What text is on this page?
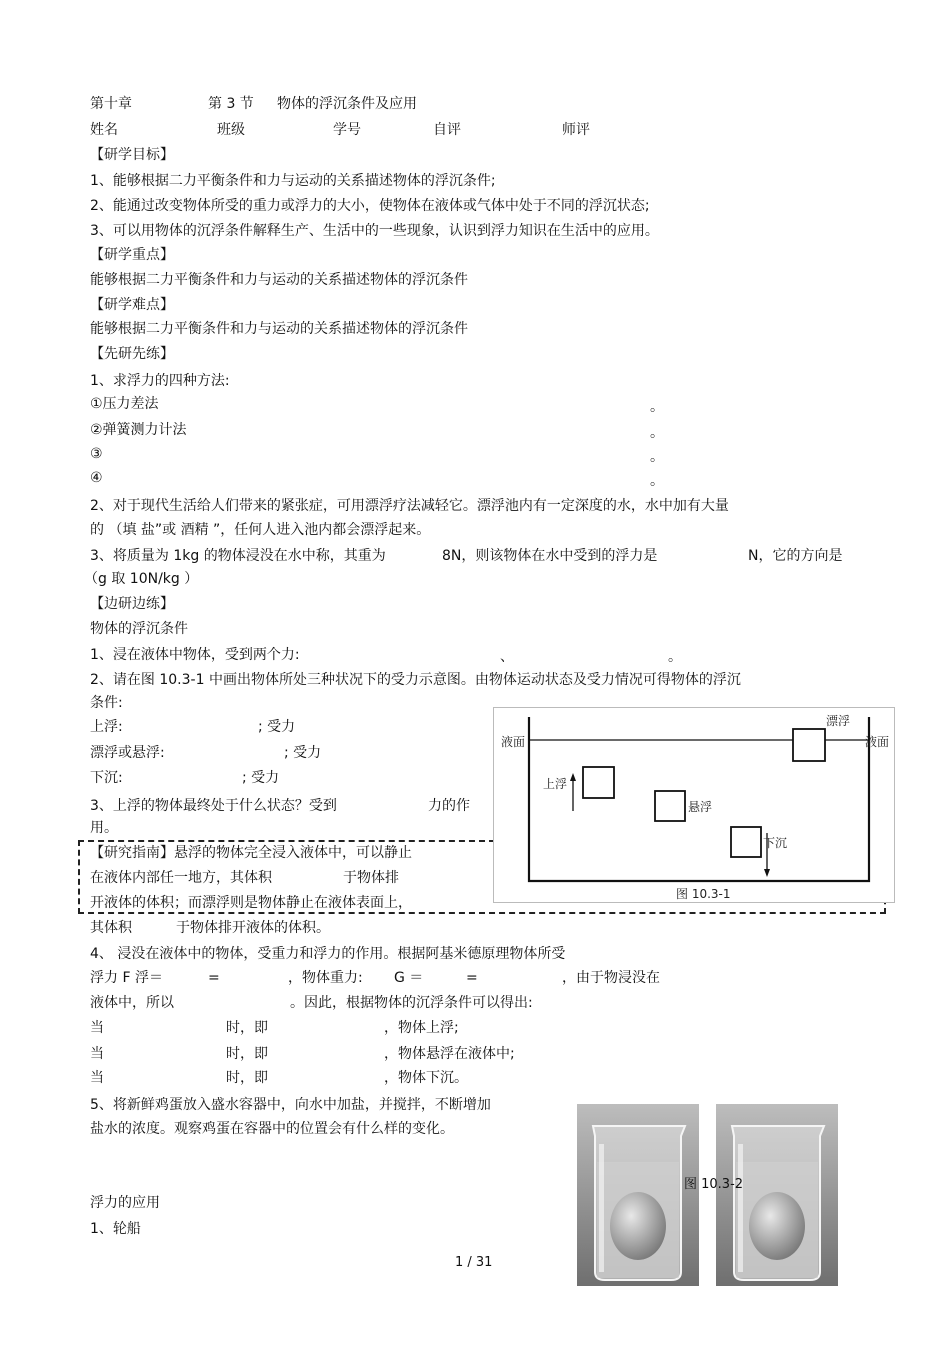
第十章	第 3 节 物体的浮沉条件及应用
姓名	班级	学号	自评	师评
【研学目标】
1、能够根据二力平衡条件和力与运动的关系描述物体的浮沉条件;
2、能通过改变物体所受的重力或浮力的大小，使物体在液体或气体中处于不同的浮沉状态;
3、可以用物体的沉浮条件解释生产、生活中的一些现象，认识到浮力知识在生活中的应用。
【研学重点】
能够根据二力平衡条件和力与运动的关系描述物体的浮沉条件
【研学难点】
能够根据二力平衡条件和力与运动的关系描述物体的浮沉条件
【先研先练】
1、求浮力的四种方法:
①压力差法	。
②弹簧测力计法	。
③	。
④	。
2、对于现代生活给人们带来的紧张症，可用漂浮疗法减轻它。漂浮池内有一定深度的水，水中加有大量
的 （填 盐”或 酒精 ”，任何人进入池内都会漂浮起来。
3、将质量为 1kg 的物体浸没在水中称，其重为	8N，则该物体在水中受到的浮力是	N，它的方向是
（g 取 10N/kg ）
【边研边练】
物体的浮沉条件
1、浸在液体中物体，受到两个力:	、	。
2、请在图 10.3-1 中画出物体所处三种状况下的受力示意图。由物体运动状态及受力情况可得物体的浮沉
条件:
上浮:	; 受力
漂浮或悬浮:	; 受力
下沉:	; 受力
3、上浮的物体最终处于什么状态？受到	力的作
用。
【研究指南】悬浮的物体完全浸入液体中，可以静止
在液体内部任一地方，其体积	于物体排
开液体的体积；而漂浮则是物体静止在液体表面上，
其体积	于物体排开液体的体积。
液面	液面
漂浮
上浮
悬浮
下沉
图 10.3-1
4、 浸没在液体中的物体，受重力和浮力的作用。根据阿基米德原理物体所受
浮力 F 浮＝	=	，物体重力: G ＝	=	，由于物浸没在
液体中，所以	。因此，根据物体的沉浮条件可以得出:
当	时，即	，物体上浮;
当	时，即	，物体悬浮在液体中;
当	时，即	，物体下沉。
5、将新鲜鸡蛋放入盛水容器中，向水中加盐，并搅拌，不断增加
盐水的浓度。观察鸡蛋在容器中的位置会有什么样的变化。
图 10.3-2
浮力的应用
1、轮船
1 / 31
